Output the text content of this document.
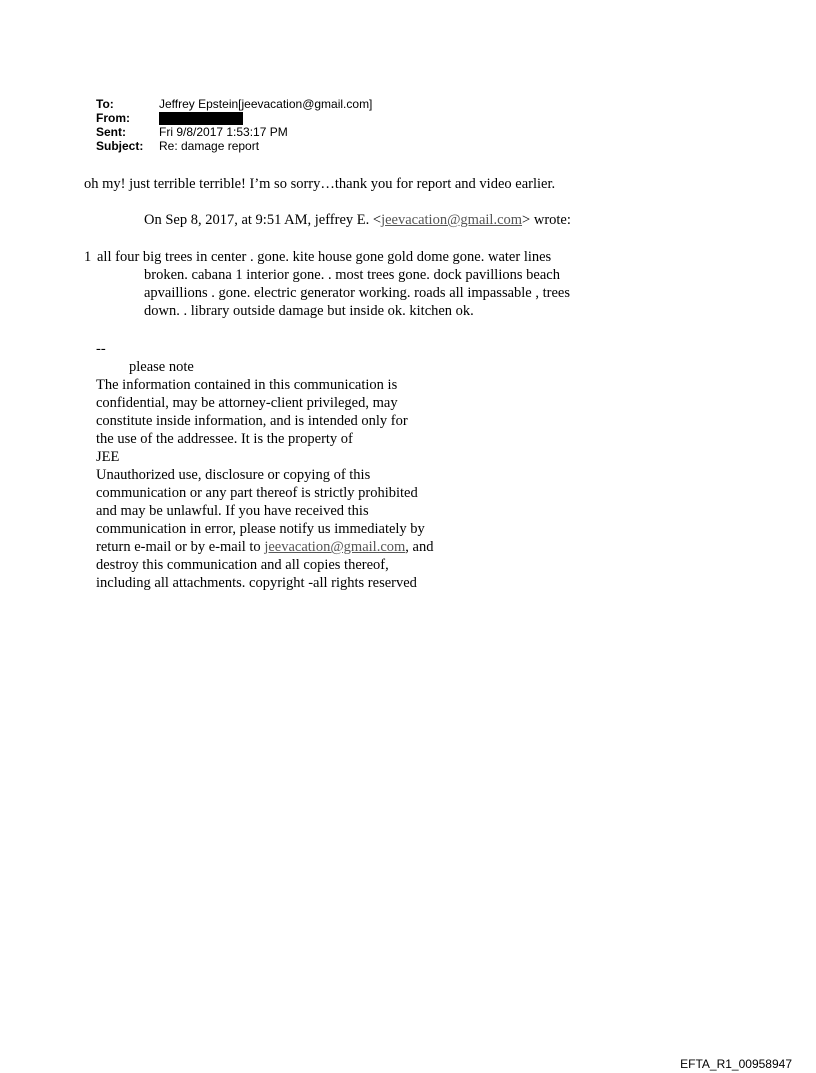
To:	Jeffrey Epstein[jeevacation@gmail.com]
From:
Sent:	Fri 9/8/2017 1:53:17 PM
Subject:	Re: damage report
oh my! just terrible terrible! I’m so sorry…thank you for report and video earlier.
On Sep 8, 2017, at 9:51 AM, jeffrey E. <jeevacation@gmail.com> wrote:
1 all four big trees in center . gone. kite house gone gold dome gone. water lines
broken. cabana 1 interior gone. . most trees gone. dock pavillions beach
apvaillions . gone. electric generator working. roads all impassable , trees
down. . library outside damage but inside ok. kitchen ok.
--
please note
The information contained in this communication is
confidential, may be attorney-client privileged, may
constitute inside information, and is intended only for
the use of the addressee. It is the property of
JEE
Unauthorized use, disclosure or copying of this
communication or any part thereof is strictly prohibited
and may be unlawful. If you have received this
communication in error, please notify us immediately by
return e-mail or by e-mail to jeevacation@gmail.com, and
destroy this communication and all copies thereof,
including all attachments. copyright -all rights reserved
EFTA_R1_00958947
